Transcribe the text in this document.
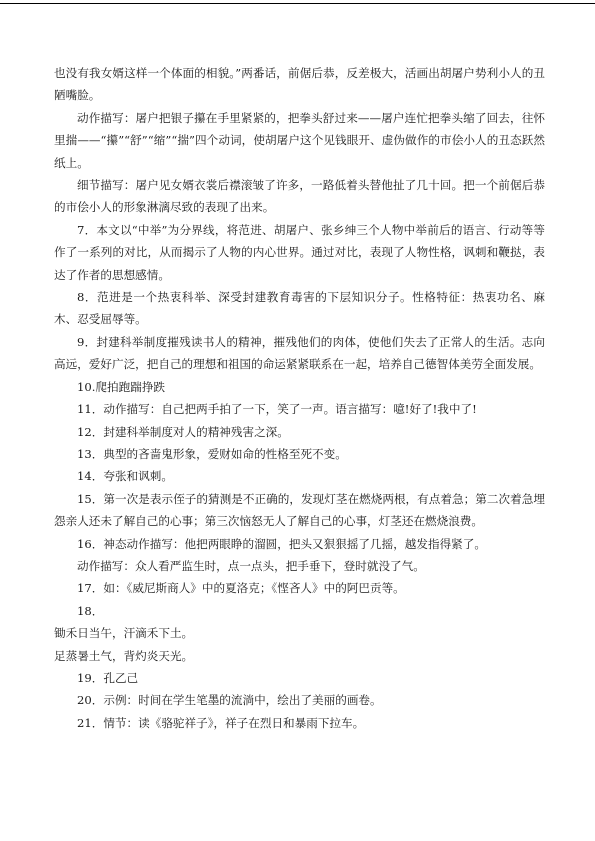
也没有我女婿这样一个体面的相貌。”两番话，前倨后恭，反差极大，活画出胡屠户势利小人的丑陋嘴脸。

动作描写：屠户把银子攥在手里紧紧的，把拳头舒过来——屠户连忙把拳头缩了回去，往怀里揣——“攥”“舒”“缩”“揣”四个动词，使胡屠户这个见钱眼开、虚伪做作的市侩小人的丑态跃然纸上。

细节描写：屠户见女婿衣裳后襟滚皱了许多，一路低着头替他扯了几十回。把一个前倨后恭的市侩小人的形象淋漓尽致的表现了出来。

7．本文以“中举”为分界线，将范进、胡屠户、张乡绅三个人物中举前后的语言、行动等等作了一系列的对比，从而揭示了人物的内心世界。通过对比，表现了人物性格，讽刺和鞭挞，表达了作者的思想感情。

8．范进是一个热衷科举、深受封建教育毒害的下层知识分子。性格特征：热衷功名、麻木、忍受屈辱等。

9．封建科举制度摧残读书人的精神，摧残他们的肉体，使他们失去了正常人的生活。志向高远，爱好广泛，把自己的理想和祖国的命运紧紧联系在一起，培养自己德智体美劳全面发展。

10.爬拍跑踹挣跌

11．动作描写：自己把两手拍了一下，笑了一声。语言描写：噫!好了!我中了!

12．封建科举制度对人的精神残害之深。

13．典型的吝啬鬼形象，爱财如命的性格至死不变。

14．夸张和讽刺。

15．第一次是表示侄子的猜测是不正确的，发现灯茎在燃烧两根，有点着急；第二次着急埋怨亲人还未了解自己的心事；第三次恼怒无人了解自己的心事，灯茎还在燃烧浪费。

16．神态动作描写：他把两眼睁的溜圆，把头又狠狠摇了几摇，越发指得紧了。

动作描写：众人看严监生时，点一点头，把手垂下，登时就没了气。

17．如：《威尼斯商人》中的夏洛克；《悭吝人》中的阿巴贡等。

18．

锄禾日当午，汗滴禾下土。

足蒸暑土气，背灼炎天光。

19．孔乙己

20．示例：时间在学生笔墨的流淌中，绘出了美丽的画卷。

21．情节：读《骆驼祥子》，祥子在烈日和暴雨下拉车。
